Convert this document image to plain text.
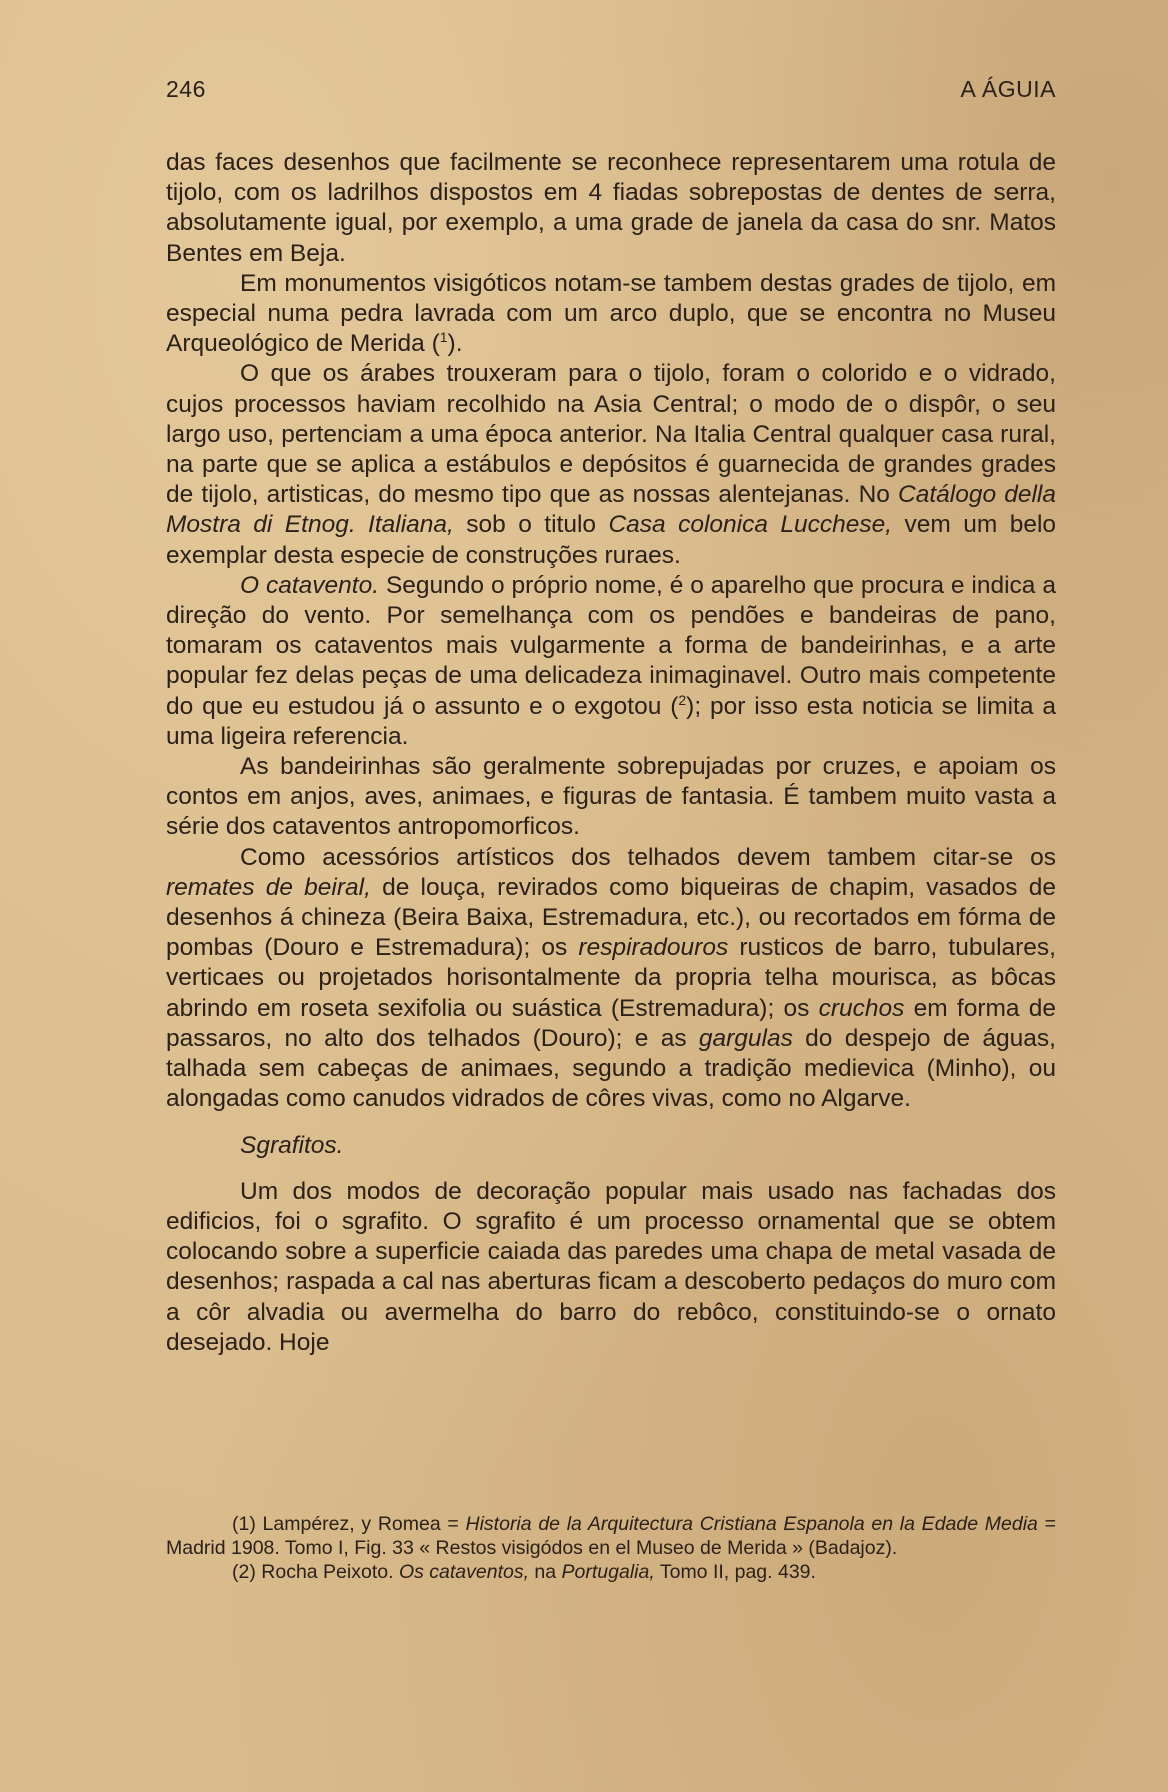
246	A ÁGUIA

das faces desenhos que facilmente se reconhece representarem uma rotula de tijolo, com os ladrilhos dispostos em 4 fiadas sobrepostas de dentes de serra, absolutamente igual, por exemplo, a uma grade de janela da casa do snr. Matos Bentes em Beja.

Em monumentos visigóticos notam-se tambem destas grades de tijolo, em especial numa pedra lavrada com um arco duplo, que se encontra no Museu Arqueológico de Merida ($^1$).

O que os árabes trouxeram para o tijolo, foram o colorido e o vidrado, cujos processos haviam recolhido na Asia Central; o modo de o dispôr, o seu largo uso, pertenciam a uma época anterior. Na Italia Central qualquer casa rural, na parte que se aplica a estábulos e depósitos é guarnecida de grandes grades de tijolo, artisticas, do mesmo tipo que as nossas alentejanas. No Catálogo della Mostra di Etnog. Italiana, sob o titulo Casa colonica Lucchese, vem um belo exemplar desta especie de construções ruraes.

O catavento. Segundo o próprio nome, é o aparelho que procura e indica a direção do vento. Por semelhança com os pendões e bandeiras de pano, tomaram os cataventos mais vulgarmente a forma de bandeirinhas, e a arte popular fez delas peças de uma delicadeza inimaginavel. Outro mais competente do que eu estudou já o assunto e o exgotou ($^2$); por isso esta noticia se limita a uma ligeira referencia.

As bandeirinhas são geralmente sobrepujadas por cruzes, e apoiam os contos em anjos, aves, animaes, e figuras de fantasia. É tambem muito vasta a série dos cataventos antropomorficos.

Como acessórios artísticos dos telhados devem tambem citar-se os remates de beiral, de louça, revirados como biqueiras de chapim, vasados de desenhos á chineza (Beira Baixa, Estremadura, etc.), ou recortados em fórma de pombas (Douro e Estremadura); os respiradouros rusticos de barro, tubulares, verticaes ou projetados horisontalmente da propria telha mourisca, as bôcas abrindo em roseta sexifolia ou suástica (Estremadura); os cruchos em forma de passaros, no alto dos telhados (Douro); e as gargulas do despejo de águas, talhada sem cabeças de animaes, segundo a tradição medievica (Minho), ou alongadas como canudos vidrados de côres vivas, como no Algarve.

Sgrafitos.

Um dos modos de decoração popular mais usado nas fachadas dos edificios, foi o sgrafito. O sgrafito é um processo ornamental que se obtem colocando sobre a superficie caiada das paredes uma chapa de metal vasada de desenhos; raspada a cal nas aberturas ficam a descoberto pedaços do muro com a côr alvadia ou avermelha do barro do rebôco, constituindo-se o ornato desejado. Hoje

(1) Lampérez, y Romea = Historia de la Arquitectura Cristiana Espanola en la Edade Media = Madrid 1908. Tomo I, Fig. 33 « Restos visigódos en el Museo de Merida » (Badajoz).

(2) Rocha Peixoto. Os cataventos, na Portugalia, Tomo II, pag. 439.
